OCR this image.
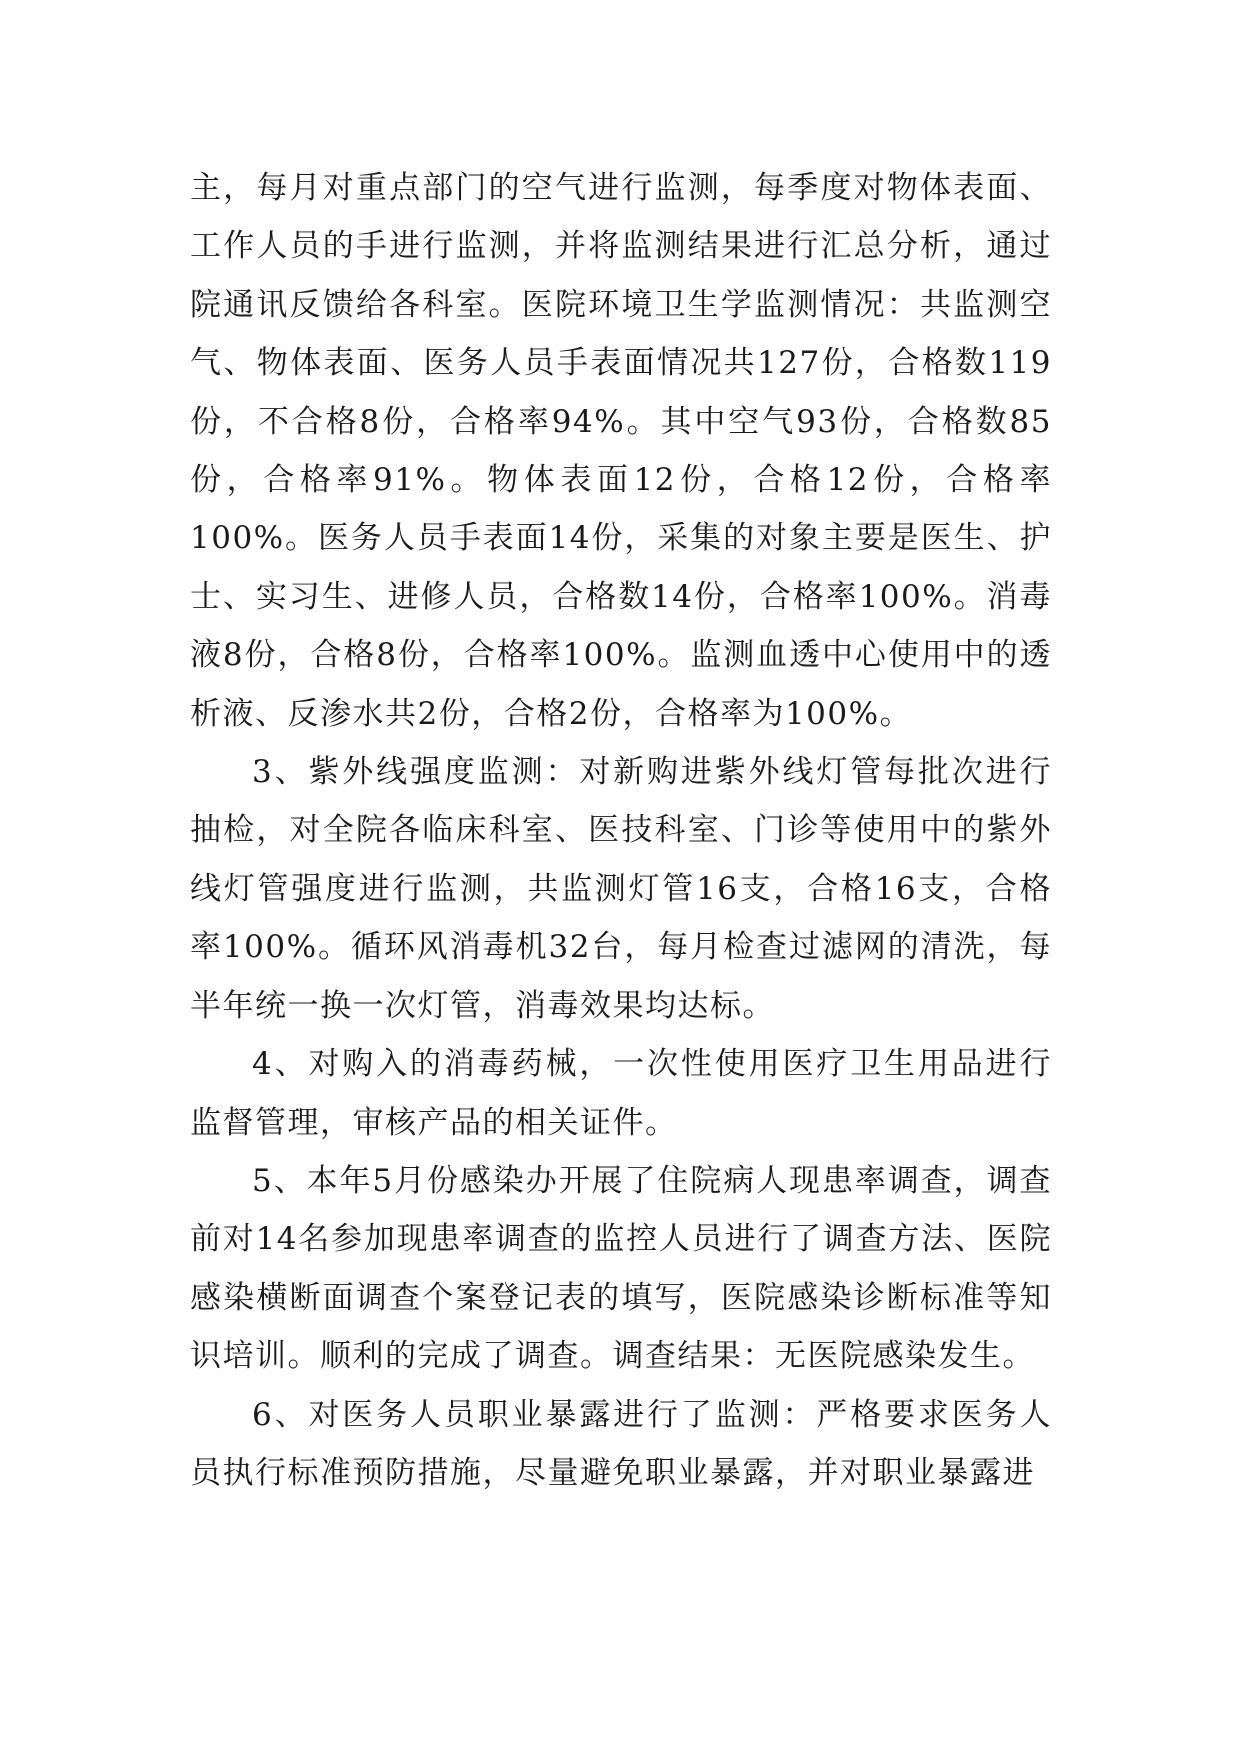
主，每月对重点部门的空气进行监测，每季度对物体表面、工作人员的手进行监测，并将监测结果进行汇总分析，通过院通讯反馈给各科室。医院环境卫生学监测情况：共监测空气、物体表面、医务人员手表面情况共127份，合格数119份，不合格8份，合格率94%。其中空气93份，合格数85份，合格率91%。物体表面12份，合格12份，合格率100%。医务人员手表面14份，采集的对象主要是医生、护士、实习生、进修人员，合格数14份，合格率100%。消毒液8份，合格8份，合格率100%。监测血透中心使用中的透析液、反渗水共2份，合格2份，合格率为100%。

3、紫外线强度监测：对新购进紫外线灯管每批次进行抽检，对全院各临床科室、医技科室、门诊等使用中的紫外线灯管强度进行监测，共监测灯管16支，合格16支，合格率100%。循环风消毒机32台，每月检查过滤网的清洗，每半年统一换一次灯管，消毒效果均达标。

4、对购入的消毒药械，一次性使用医疗卫生用品进行监督管理，审核产品的相关证件。

5、本年5月份感染办开展了住院病人现患率调查，调查前对14名参加现患率调查的监控人员进行了调查方法、医院感染横断面调查个案登记表的填写，医院感染诊断标准等知识培训。顺利的完成了调查。调查结果：无医院感染发生。

6、对医务人员职业暴露进行了监测：严格要求医务人员执行标准预防措施，尽量避免职业暴露，并对职业暴露进
